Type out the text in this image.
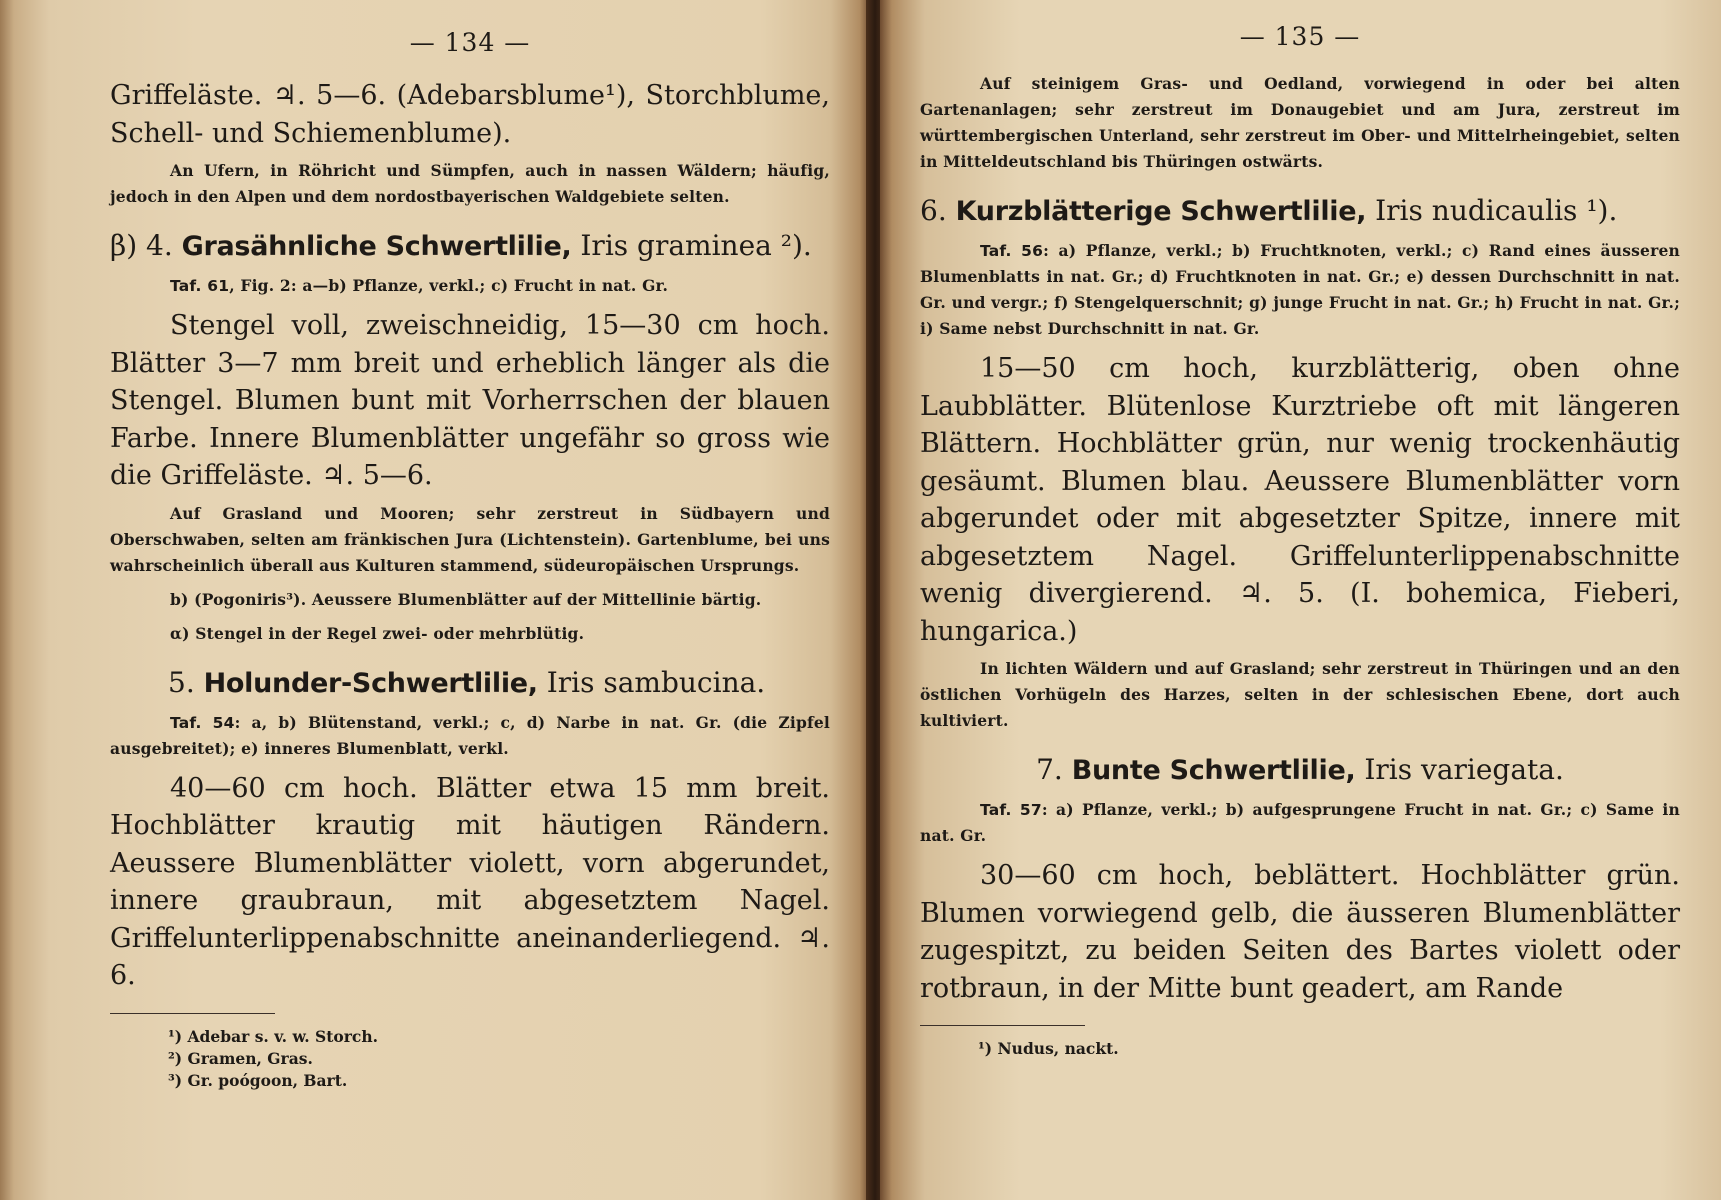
— 134 —

Griffeläste. ♃. 5—6. (Adebarsblume¹), Storchblume, Schell- und Schiemenblume).

An Ufern, in Röhricht und Sümpfen, auch in nassen Wäldern; häufig, jedoch in den Alpen und dem nordostbayerischen Waldgebiete selten.

β) 4. Grasähnliche Schwertlilie, Iris graminea ²).

Taf. 61, Fig. 2: a—b) Pflanze, verkl.; c) Frucht in nat. Gr.

Stengel voll, zweischneidig, 15—30 cm hoch. Blätter 3—7 mm breit und erheblich länger als die Stengel. Blumen bunt mit Vorherrschen der blauen Farbe. Innere Blumenblätter ungefähr so gross wie die Griffeläste. ♃. 5—6.

Auf Grasland und Mooren; sehr zerstreut in Südbayern und Oberschwaben, selten am fränkischen Jura (Lichtenstein). Gartenblume, bei uns wahrscheinlich überall aus Kulturen stammend, südeuropäischen Ursprungs.

b) (Pogoniris³). Aeussere Blumenblätter auf der Mittellinie bärtig.

α) Stengel in der Regel zwei- oder mehrblütig.

5. Holunder-Schwertlilie, Iris sambucina.

Taf. 54: a, b) Blütenstand, verkl.; c, d) Narbe in nat. Gr. (die Zipfel ausgebreitet); e) inneres Blumenblatt, verkl.

40—60 cm hoch. Blätter etwa 15 mm breit. Hochblätter krautig mit häutigen Rändern. Aeussere Blumenblätter violett, vorn abgerundet, innere graubraun, mit abgesetztem Nagel. Griffelunterlippenabschnitte aneinanderliegend. ♃. 6.

¹) Adebar s. v. w. Storch.

²) Gramen, Gras.

³) Gr. poógoon, Bart.

— 135 —

Auf steinigem Gras- und Oedland, vorwiegend in oder bei alten Gartenanlagen; sehr zerstreut im Donaugebiet und am Jura, zerstreut im württembergischen Unterland, sehr zerstreut im Ober- und Mittelrheingebiet, selten in Mitteldeutschland bis Thüringen ostwärts.

6. Kurzblätterige Schwertlilie, Iris nudicaulis ¹).

Taf. 56: a) Pflanze, verkl.; b) Fruchtknoten, verkl.; c) Rand eines äusseren Blumenblatts in nat. Gr.; d) Fruchtknoten in nat. Gr.; e) dessen Durchschnitt in nat. Gr. und vergr.; f) Stengelquerschnit; g) junge Frucht in nat. Gr.; h) Frucht in nat. Gr.; i) Same nebst Durchschnitt in nat. Gr.

15—50 cm hoch, kurzblätterig, oben ohne Laubblätter. Blütenlose Kurztriebe oft mit längeren Blättern. Hochblätter grün, nur wenig trockenhäutig gesäumt. Blumen blau. Aeussere Blumenblätter vorn abgerundet oder mit abgesetzter Spitze, innere mit abgesetztem Nagel. Griffelunterlippenabschnitte wenig divergierend. ♃. 5. (I. bohemica, Fieberi, hungarica.)

In lichten Wäldern und auf Grasland; sehr zerstreut in Thüringen und an den östlichen Vorhügeln des Harzes, selten in der schlesischen Ebene, dort auch kultiviert.

7. Bunte Schwertlilie, Iris variegata.

Taf. 57: a) Pflanze, verkl.; b) aufgesprungene Frucht in nat. Gr.; c) Same in nat. Gr.

30—60 cm hoch, beblättert. Hochblätter grün. Blumen vorwiegend gelb, die äusseren Blumenblätter zugespitzt, zu beiden Seiten des Bartes violett oder rotbraun, in der Mitte bunt geadert, am Rande

¹) Nudus, nackt.
